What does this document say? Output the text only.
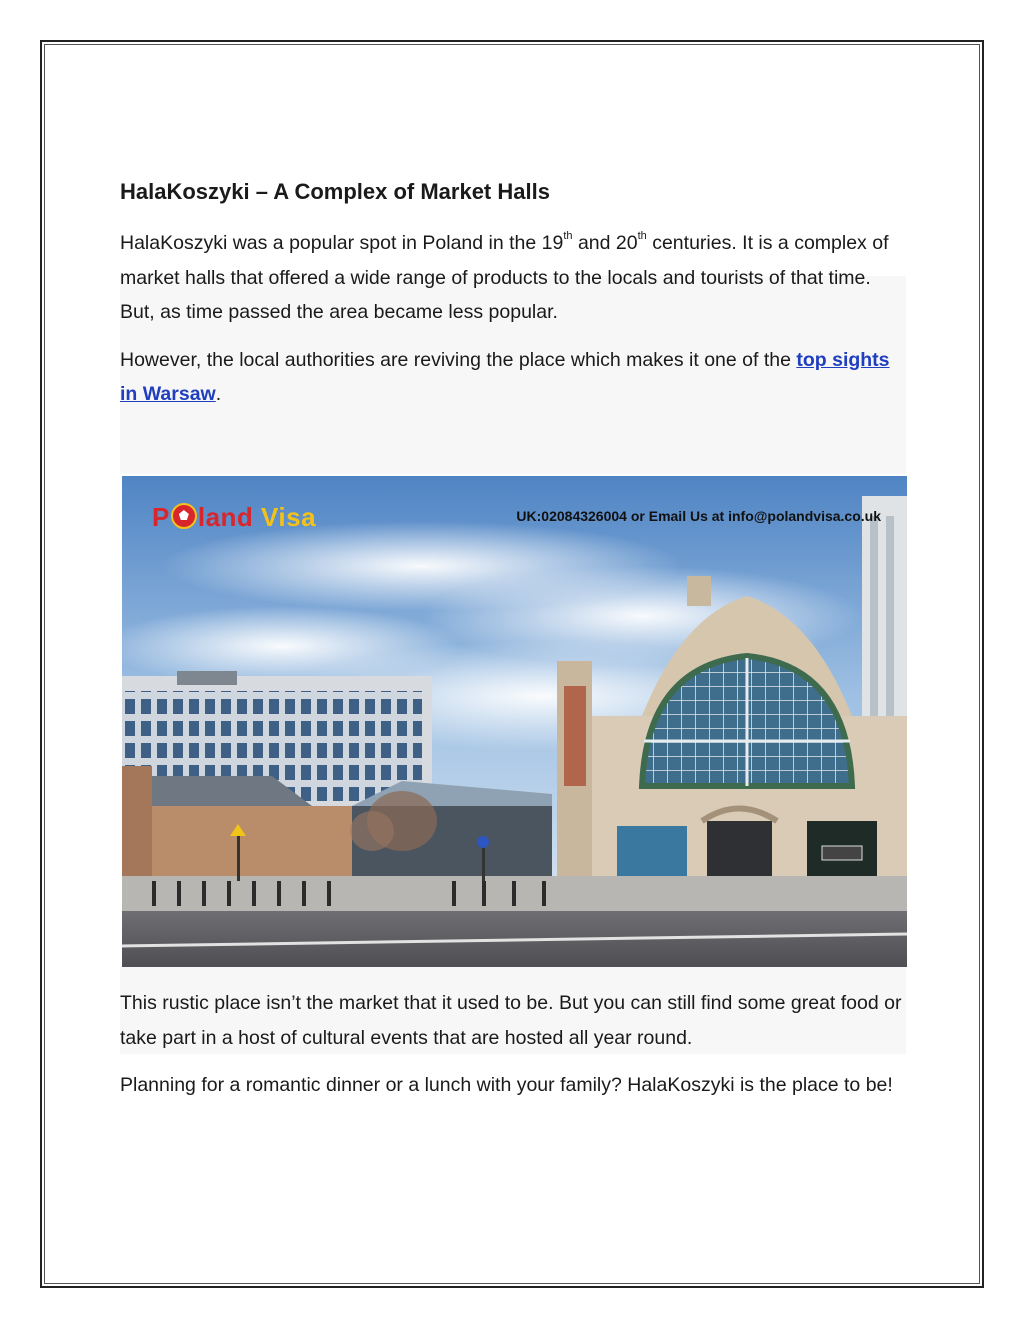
HalaKoszyki – A Complex of Market Halls

HalaKoszyki was a popular spot in Poland in the 19th and 20th centuries. It is a complex of market halls that offered a wide range of products to the locals and tourists of that time. But, as time passed the area became less popular.

However, the local authorities are reviving the place which makes it one of the top sights in Warsaw.

P land Visa	UK:02084326004 or Email Us at info@polandvisa.co.uk

This rustic place isn’t the market that it used to be. But you can still find some great food or take part in a host of cultural events that are hosted all year round.

Planning for a romantic dinner or a lunch with your family? HalaKoszyki is the place to be!
